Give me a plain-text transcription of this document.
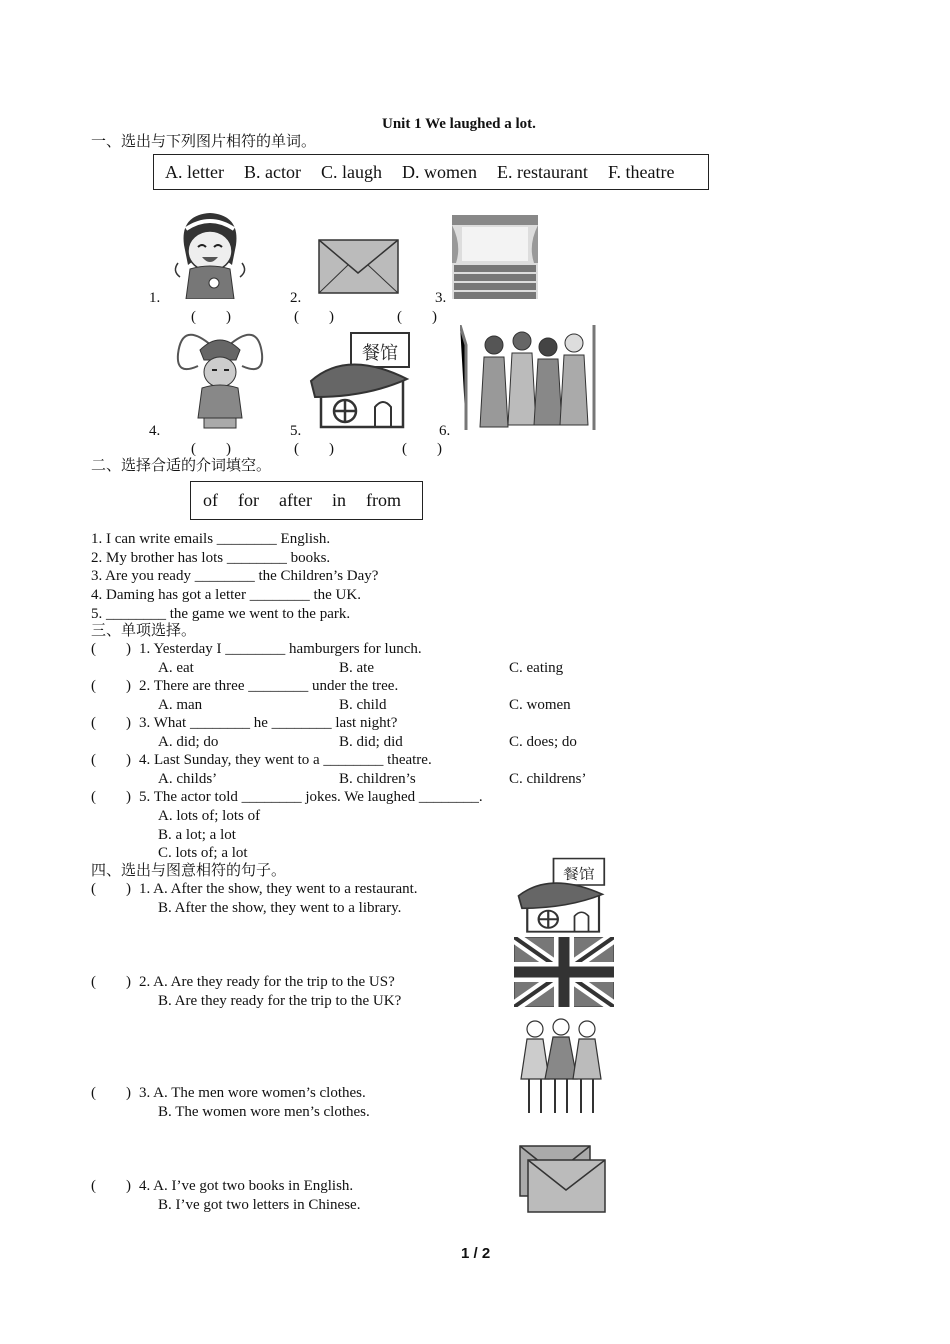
Unit 1 We laughed a lot.
一、选出与下列图片相符的单词。
A. letter B. actor C. laugh D. women E. restaurant F. theatre
1.	2.	3.
(　　)	(　　)	(　　)
餐馆
4.	5.	6.
(　　)	(　　)	(　　)
二、选择合适的介词填空。
of for after in from
1. I can write emails ________ English.
2. My brother has lots ________ books.
3. Are you ready ________ the Children’s Day?
4. Daming has got a letter ________ the UK.
5. ________ the game we went to the park.
三、单项选择。
(　　) 1. Yesterday I ________ hamburgers for lunch.
A. eat	B. ate	C. eating
(　　) 2. There are three ________ under the tree.
A. man	B. child	C. women
(　　) 3. What ________ he ________ last night?
A. did; do	B. did; did	C. does; do
(　　) 4. Last Sunday, they went to a ________ theatre.
A. childs’	B. children’s	C. childrens’
(　　) 5. The actor told ________ jokes. We laughed ________.
A. lots of; lots of
B. a lot; a lot
C. lots of; a lot
四、选出与图意相符的句子。
(　　) 1. A. After the show, they went to a restaurant.
B. After the show, they went to a library.
餐馆
(　　) 2. A. Are they ready for the trip to the US?
B. Are they ready for the trip to the UK?
(　　) 3. A. The men wore women’s clothes.
B. The women wore men’s clothes.
(　　) 4. A. I’ve got two books in English.
B. I’ve got two letters in Chinese.
1 / 2
